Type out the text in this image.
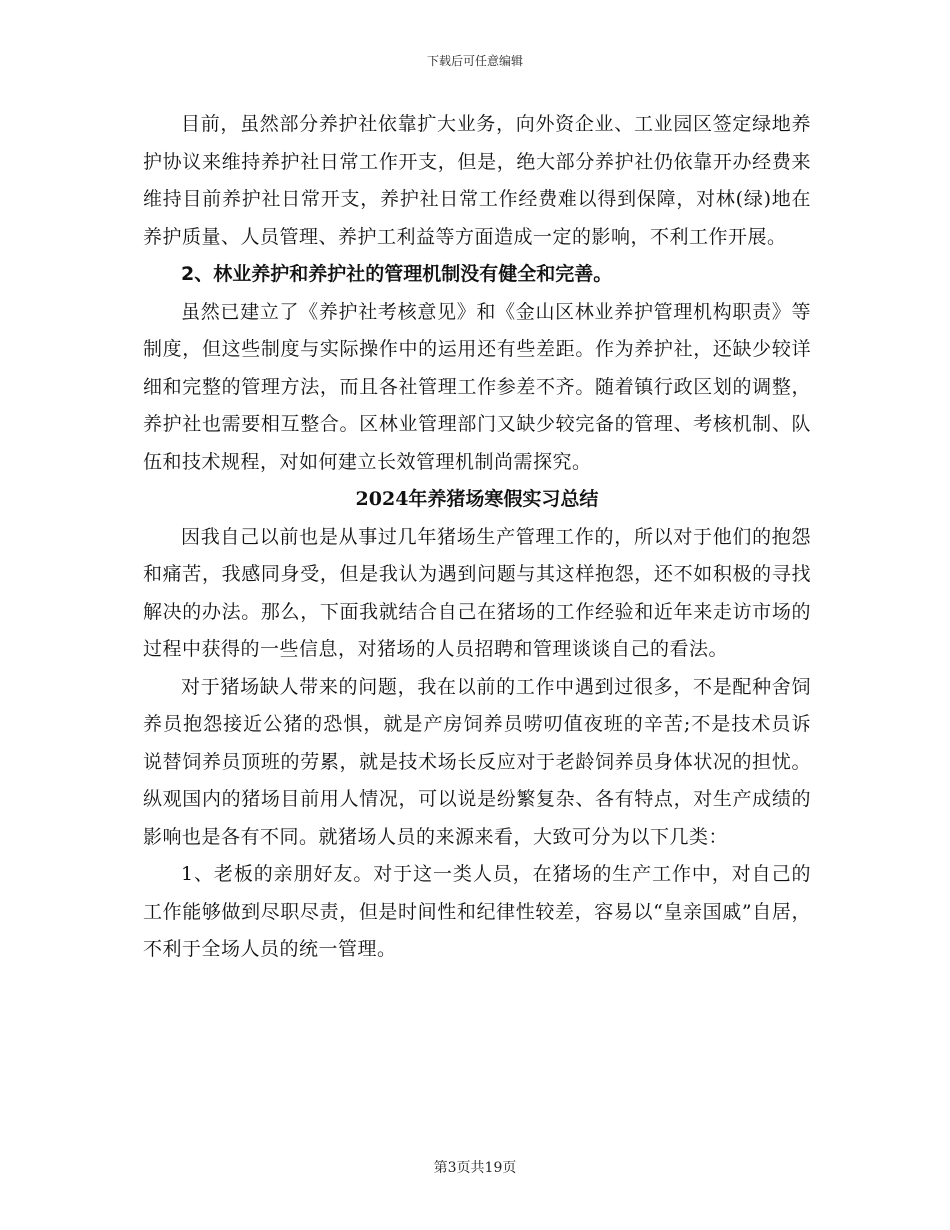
下载后可任意编辑

目前，虽然部分养护社依靠扩大业务，向外资企业、工业园区签定绿地养护协议来维持养护社日常工作开支，但是，绝大部分养护社仍依靠开办经费来维持目前养护社日常开支，养护社日常工作经费难以得到保障，对林(绿)地在养护质量、人员管理、养护工利益等方面造成一定的影响，不利工作开展。

2、林业养护和养护社的管理机制没有健全和完善。

虽然已建立了《养护社考核意见》和《金山区林业养护管理机构职责》等制度，但这些制度与实际操作中的运用还有些差距。作为养护社，还缺少较详细和完整的管理方法，而且各社管理工作参差不齐。随着镇行政区划的调整，养护社也需要相互整合。区林业管理部门又缺少较完备的管理、考核机制、队伍和技术规程，对如何建立长效管理机制尚需探究。

2024年养猪场寒假实习总结

因我自己以前也是从事过几年猪场生产管理工作的，所以对于他们的抱怨和痛苦，我感同身受，但是我认为遇到问题与其这样抱怨，还不如积极的寻找解决的办法。那么，下面我就结合自己在猪场的工作经验和近年来走访市场的过程中获得的一些信息，对猪场的人员招聘和管理谈谈自己的看法。

对于猪场缺人带来的问题，我在以前的工作中遇到过很多，不是配种舍饲养员抱怨接近公猪的恐惧，就是产房饲养员唠叨值夜班的辛苦;不是技术员诉说替饲养员顶班的劳累，就是技术场长反应对于老龄饲养员身体状况的担忧。纵观国内的猪场目前用人情况，可以说是纷繁复杂、各有特点，对生产成绩的影响也是各有不同。就猪场人员的来源来看，大致可分为以下几类：

1、老板的亲朋好友。对于这一类人员，在猪场的生产工作中，对自己的工作能够做到尽职尽责，但是时间性和纪律性较差，容易以“皇亲国戚”自居，不利于全场人员的统一管理。

第3页共19页
